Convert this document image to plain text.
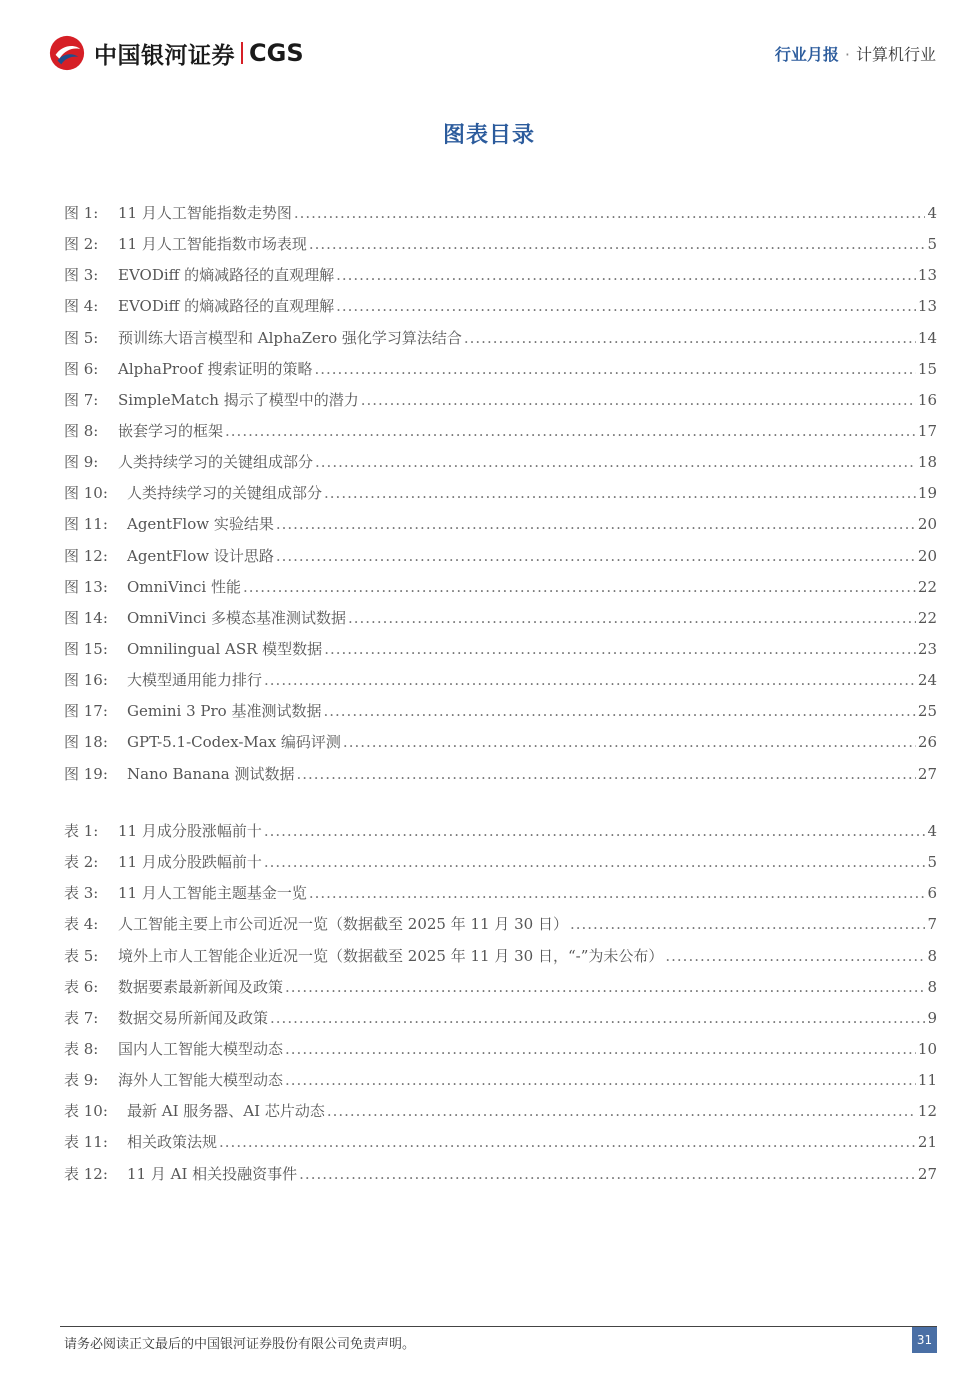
中国银河证券 CGS	行业月报 · 计算机行业
图表目录
图 1:	11 月人工智能指数走势图 .....	4
图 2:	11 月人工智能指数市场表现 .....	5
图 3:	EVODiff 的熵减路径的直观理解 .....	13
图 4:	EVODiff 的熵减路径的直观理解 .....	13
图 5:	预训练大语言模型和 AlphaZero 强化学习算法结合 .....	14
图 6:	AlphaProof 搜索证明的策略 .....	15
图 7:	SimpleMatch 揭示了模型中的潜力 .....	16
图 8:	嵌套学习的框架 .....	17
图 9:	人类持续学习的关键组成部分 .....	18
图 10:	人类持续学习的关键组成部分 .....	19
图 11:	AgentFlow 实验结果 .....	20
图 12:	AgentFlow 设计思路 .....	20
图 13:	OmniVinci 性能 .....	22
图 14:	OmniVinci 多模态基准测试数据 .....	22
图 15:	Omnilingual ASR 模型数据 .....	23
图 16:	大模型通用能力排行 .....	24
图 17:	Gemini 3 Pro 基准测试数据 .....	25
图 18:	GPT-5.1-Codex-Max 编码评测 .....	26
图 19:	Nano Banana 测试数据 .....	27
表 1:	11 月成分股涨幅前十 .....	4
表 2:	11 月成分股跌幅前十 .....	5
表 3:	11 月人工智能主题基金一览 .....	6
表 4:	人工智能主要上市公司近况一览（数据截至 2025 年 11 月 30 日） .....	7
表 5:	境外上市人工智能企业近况一览（数据截至 2025 年 11 月 30 日，“-”为未公布） .....	8
表 6:	数据要素最新新闻及政策 .....	8
表 7:	数据交易所新闻及政策 .....	9
表 8:	国内人工智能大模型动态 .....	10
表 9:	海外人工智能大模型动态 .....	11
表 10:	最新 AI 服务器、AI 芯片动态 .....	12
表 11:	相关政策法规 .....	21
表 12:	11 月 AI 相关投融资事件 .....	27
请务必阅读正文最后的中国银河证券股份有限公司免责声明。	31
